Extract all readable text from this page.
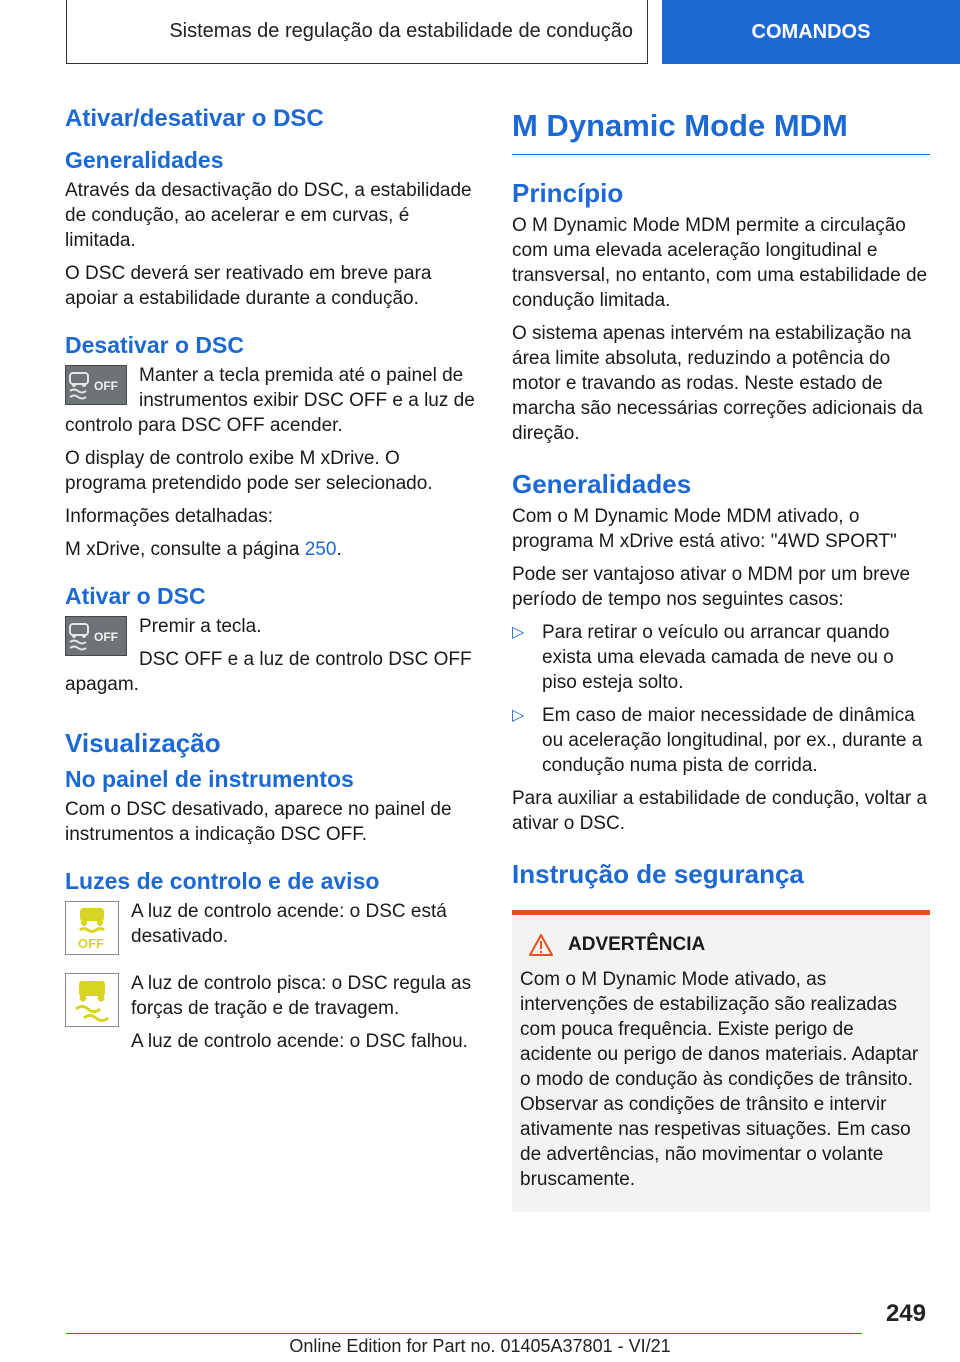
Sistemas de regulação da estabilidade de condução	COMANDOS
Ativar/desativar o DSC
Generalidades

Através da desactivação do DSC, a estabilidade de condução, ao acelerar e em curvas, é limitada.

O DSC deverá ser reativado em breve para apoiar a estabilidade durante a condução.

Desativar o DSC
OFF	Manter a tecla premida até o painel de instrumentos exibir DSC OFF e a luz de controlo para DSC OFF acender.

O display de controlo exibe M xDrive. O programa pretendido pode ser selecionado.

Informações detalhadas:

M xDrive, consulte a página 250.

Ativar o DSC
OFF	Premir a tecla.

DSC OFF e a luz de controlo DSC OFF apagam.

Visualização
No painel de instrumentos

Com o DSC desativado, aparece no painel de instrumentos a indicação DSC OFF.

Luzes de controlo e de aviso
OFF

A luz de controlo acende: o DSC está desativado.

A luz de controlo pisca: o DSC regula as forças de tração e de travagem.

A luz de controlo acende: o DSC falhou.

M Dynamic Mode MDM
Princípio

O M Dynamic Mode MDM permite a circulação com uma elevada aceleração longitudinal e transversal, no entanto, com uma estabilidade de condução limitada.

O sistema apenas intervém na estabilização na área limite absoluta, reduzindo a potência do motor e travando as rodas. Neste estado de marcha são necessárias correções adicionais da direção.

Generalidades

Com o M Dynamic Mode MDM ativado, o programa M xDrive está ativo: "4WD SPORT"

Pode ser vantajoso ativar o MDM por um breve período de tempo nos seguintes casos:

▷ Para retirar o veículo ou arrancar quando exista uma elevada camada de neve ou o piso esteja solto.
▷ Em caso de maior necessidade de dinâmica ou aceleração longitudinal, por ex., durante a condução numa pista de corrida.

Para auxiliar a estabilidade de condução, voltar a ativar o DSC.

Instrução de segurança
ADVERTÊNCIA

Com o M Dynamic Mode ativado, as intervenções de estabilização são realizadas com pouca frequência. Existe perigo de acidente ou perigo de danos materiais. Adaptar o modo de condução às condições de trânsito. Observar as condições de trânsito e intervir ativamente nas respetivas situações. Em caso de advertências, não movimentar o volante bruscamente.

249
Online Edition for Part no. 01405A37801 - VI/21
